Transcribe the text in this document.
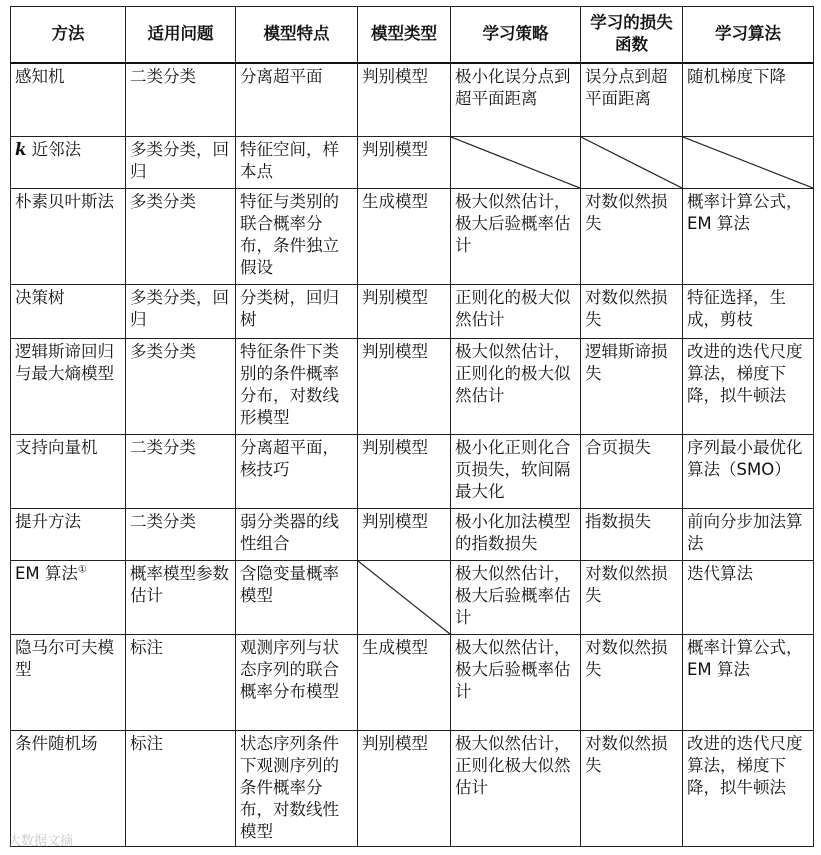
方法	适用问题	模型特点	模型类型	学习策略	学习的损失函数	学习算法
感知机	二类分类	分离超平面	判别模型	极小化误分点到超平面距离	误分点到超平面距离	随机梯度下降
k 近邻法	多类分类，回归	特征空间，样本点	判别模型	

朴素贝叶斯法	多类分类	特征与类别的联合概率分布，条件独立假设	生成模型	极大似然估计，极大后验概率估计	对数似然损失	概率计算公式，EM 算法
决策树	多类分类，回归	分类树，回归树	判别模型	正则化的极大似然估计	对数似然损失	特征选择，生成，剪枝
逻辑斯谛回归与最大熵模型	多类分类	特征条件下类别的条件概率分布，对数线形模型	判别模型	极大似然估计，正则化的极大似然估计	逻辑斯谛损失	改进的迭代尺度算法，梯度下降，拟牛顿法
支持向量机	二类分类	分离超平面，核技巧	判别模型	极小化正则化合页损失，软间隔最大化	合页损失	序列最小最优化算法（SMO）
提升方法	二类分类	弱分类器的线性组合	判别模型	极小化加法模型的指数损失	指数损失	前向分步加法算法
EM 算法①	概率模型参数估计	含隐变量概率模型		极大似然估计，极大后验概率估计	对数似然损失	迭代算法
隐马尔可夫模型	标注	观测序列与状态序列的联合概率分布模型	生成模型	极大似然估计，极大后验概率估计	对数似然损失	概率计算公式，EM 算法
条件随机场	标注	状态序列条件下观测序列的条件概率分布，对数线性模型	判别模型	极大似然估计，正则化极大似然估计	对数似然损失	改进的迭代尺度算法，梯度下降，拟牛顿法
大数据文摘
